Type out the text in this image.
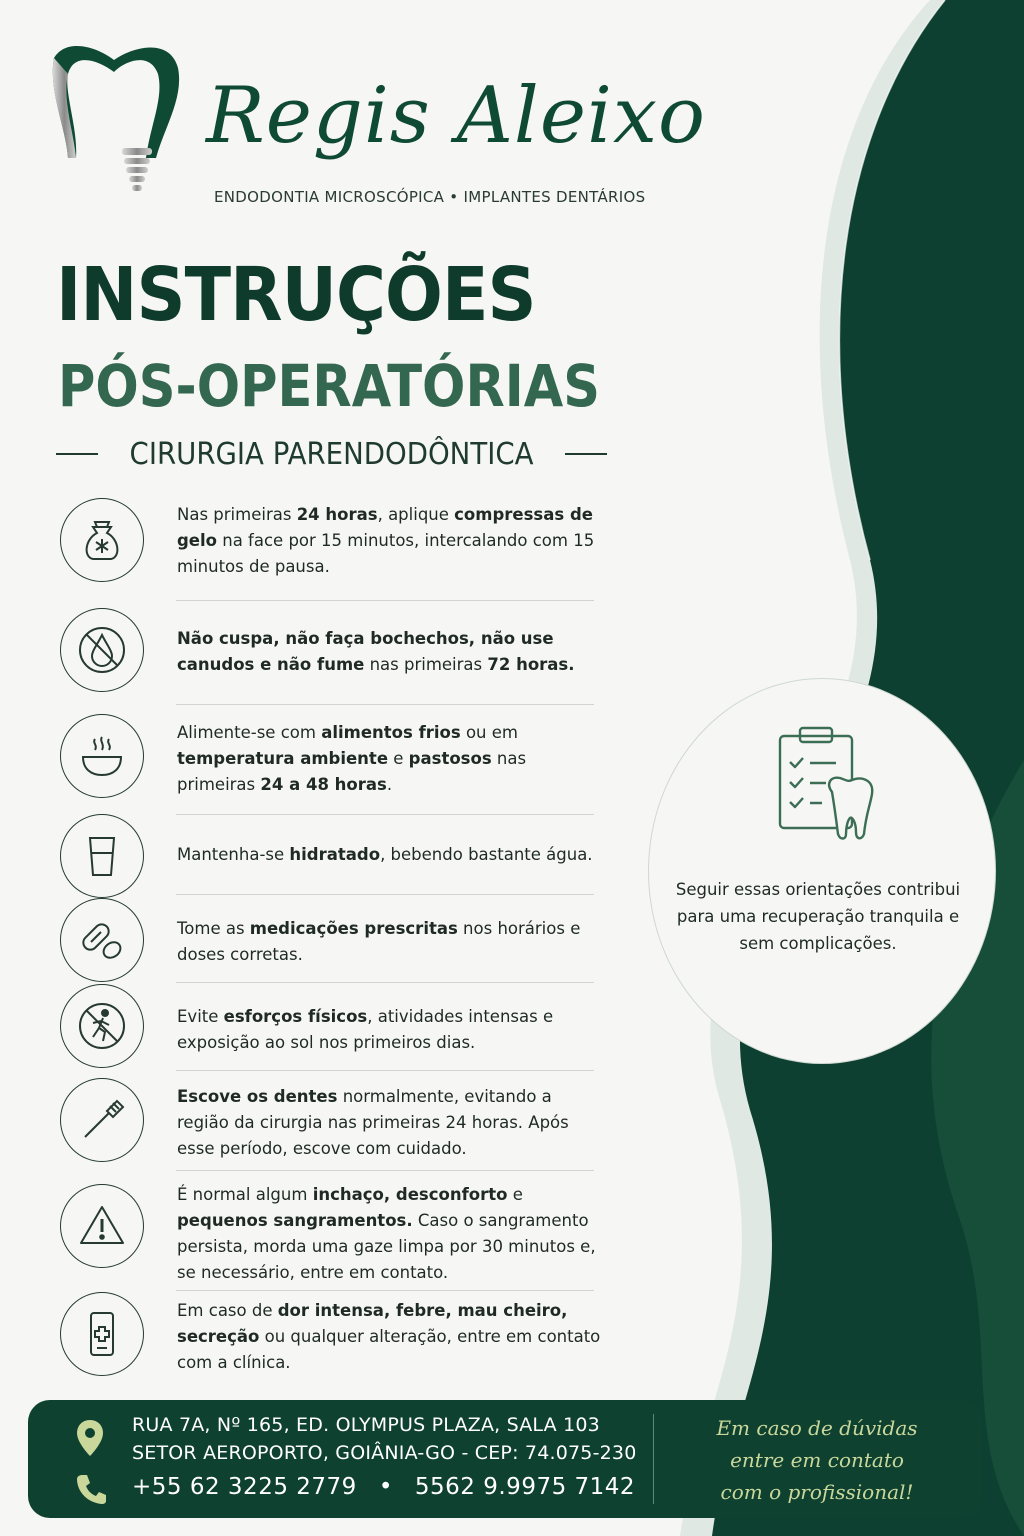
Regis Aleixo
ENDODONTIA MICROSCÓPICA • IMPLANTES DENTÁRIOS
INSTRUÇÕES
PÓS-OPERATÓRIAS
CIRURGIA PARENDODÔNTICA
Nas primeiras 24 horas, aplique compressas de gelo na face por 15 minutos, intercalando com 15 minutos de pausa.
Não cuspa, não faça bochechos, não use canudos e não fume nas primeiras 72 horas.
Alimente-se com alimentos frios ou em temperatura ambiente e pastosos nas primeiras 24 a 48 horas.
Mantenha-se hidratado, bebendo bastante água.
Tome as medicações prescritas nos horários e doses corretas.
Evite esforços físicos, atividades intensas e exposição ao sol nos primeiros dias.
Escove os dentes normalmente, evitando a região da cirurgia nas primeiras 24 horas. Após esse período, escove com cuidado.
É normal algum inchaço, desconforto e pequenos sangramentos. Caso o sangramento persista, morda uma gaze limpa por 30 minutos e, se necessário, entre em contato.
Em caso de dor intensa, febre, mau cheiro, secreção ou qualquer alteração, entre em contato com a clínica.
Seguir essas orientações contribui para uma recuperação tranquila e sem complicações.
RUA 7A, Nº 165, ED. OLYMPUS PLAZA, SALA 103
SETOR AEROPORTO, GOIÂNIA-GO - CEP: 74.075-230
+55 62 3225 2779 • 5562 9.9975 7142
Em caso de dúvidas
entre em contato
com o profissional!
